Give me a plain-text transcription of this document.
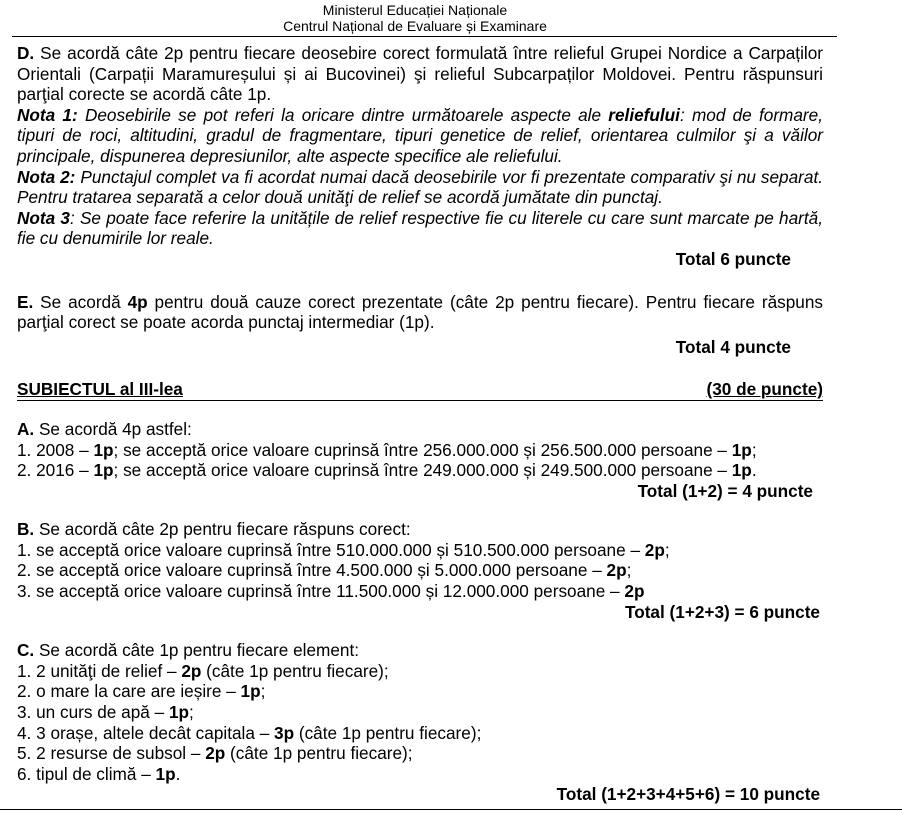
Ministerul Educației Naționale
Centrul Național de Evaluare și Examinare

D. Se acordă câte 2p pentru fiecare deosebire corect formulată între relieful Grupei Nordice a Carpaților Orientali (Carpații Maramureșului și ai Bucovinei) şi relieful Subcarpaților Moldovei. Pentru răspunsuri parţial corecte se acordă câte 1p.

Nota 1: Deosebirile se pot referi la oricare dintre următoarele aspecte ale reliefului: mod de formare, tipuri de roci, altitudini, gradul de fragmentare, tipuri genetice de relief, orientarea culmilor şi a văilor principale, dispunerea depresiunilor, alte aspecte specifice ale reliefului.

Nota 2: Punctajul complet va fi acordat numai dacă deosebirile vor fi prezentate comparativ şi nu separat. Pentru tratarea separată a celor două unităţi de relief se acordă jumătate din punctaj.

Nota 3: Se poate face referire la unitățile de relief respective fie cu literele cu care sunt marcate pe hartă, fie cu denumirile lor reale.

Total 6 puncte

E. Se acordă 4p pentru două cauze corect prezentate (câte 2p pentru fiecare). Pentru fiecare răspuns parţial corect se poate acorda punctaj intermediar (1p).

Total 4 puncte

SUBIECTUL al III-lea	(30 de puncte)

A. Se acordă 4p astfel:

1. 2008 – 1p; se acceptă orice valoare cuprinsă între 256.000.000 și 256.500.000 persoane – 1p;

2. 2016 – 1p; se acceptă orice valoare cuprinsă între 249.000.000 și 249.500.000 persoane – 1p.

Total (1+2) = 4 puncte

B. Se acordă câte 2p pentru fiecare răspuns corect:

1. se acceptă orice valoare cuprinsă între 510.000.000 și 510.500.000 persoane – 2p;

2. se acceptă orice valoare cuprinsă între 4.500.000 și 5.000.000 persoane – 2p;

3. se acceptă orice valoare cuprinsă între 11.500.000 și 12.000.000 persoane – 2p

Total (1+2+3) = 6 puncte

C. Se acordă câte 1p pentru fiecare element:

1. 2 unităţi de relief – 2p (câte 1p pentru fiecare);

2. o mare la care are ieșire – 1p;

3. un curs de apă – 1p;

4. 3 orașe, altele decât capitala – 3p (câte 1p pentru fiecare);

5. 2 resurse de subsol – 2p (câte 1p pentru fiecare);

6. tipul de climă – 1p.

Total (1+2+3+4+5+6) = 10 puncte
